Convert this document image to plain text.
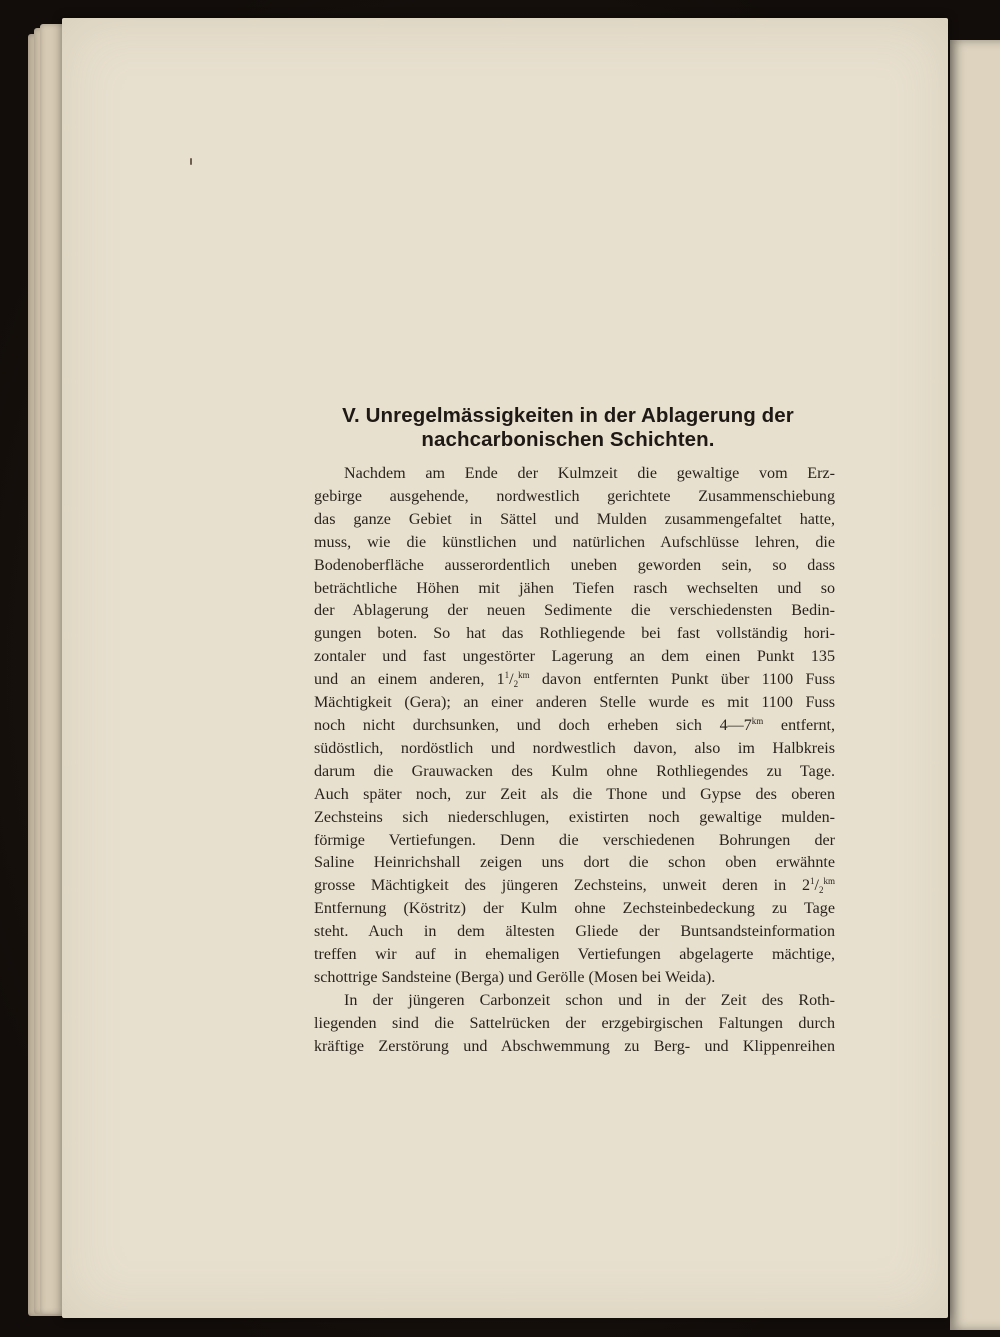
V. Unregelmässigkeiten in der Ablagerung der
nachcarbonischen Schichten.
Nachdem am Ende der Kulmzeit die gewaltige vom Erz-
gebirge ausgehende, nordwestlich gerichtete Zusammenschiebung
das ganze Gebiet in Sättel und Mulden zusammengefaltet hatte,
muss, wie die künstlichen und natürlichen Aufschlüsse lehren, die
Bodenoberfläche ausserordentlich uneben geworden sein, so dass
beträchtliche Höhen mit jähen Tiefen rasch wechselten und so
der Ablagerung der neuen Sedimente die verschiedensten Bedin-
gungen boten. So hat das Rothliegende bei fast vollständig hori-
zontaler und fast ungestörter Lagerung an dem einen Punkt 135
und an einem anderen, $1^1/_2^{km}$ davon entfernten Punkt über 1100 Fuss
Mächtigkeit (Gera); an einer anderen Stelle wurde es mit 1100 Fuss
noch nicht durchsunken, und doch erheben sich $4—7^{km}$ entfernt,
südöstlich, nordöstlich und nordwestlich davon, also im Halbkreis
darum die Grauwacken des Kulm ohne Rothliegendes zu Tage.
Auch später noch, zur Zeit als die Thone und Gypse des oberen
Zechsteins sich niederschlugen, existirten noch gewaltige mulden-
förmige Vertiefungen. Denn die verschiedenen Bohrungen der
Saline Heinrichshall zeigen uns dort die schon oben erwähnte
grosse Mächtigkeit des jüngeren Zechsteins, unweit deren in $2^1/_2^{km}$
Entfernung (Köstritz) der Kulm ohne Zechsteinbedeckung zu Tage
steht. Auch in dem ältesten Gliede der Buntsandsteinformation
treffen wir auf in ehemaligen Vertiefungen abgelagerte mächtige,
schottrige Sandsteine (Berga) und Gerölle (Mosen bei Weida).
In der jüngeren Carbonzeit schon und in der Zeit des Roth-
liegenden sind die Sattelrücken der erzgebirgischen Faltungen durch
kräftige Zerstörung und Abschwemmung zu Berg- und Klippenreihen
